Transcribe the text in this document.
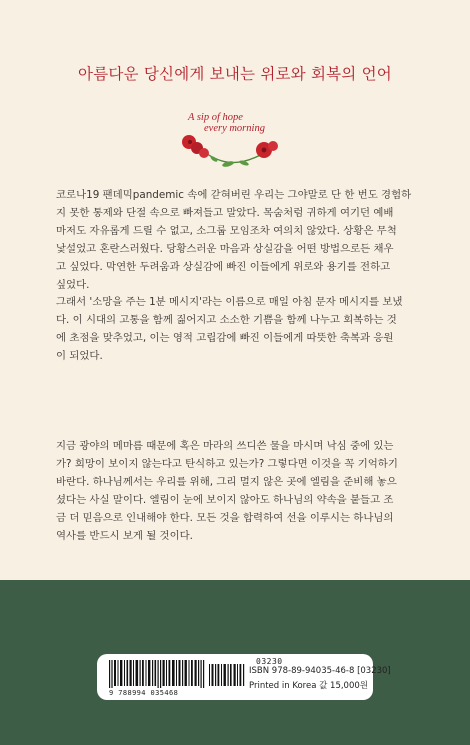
아름다운 당신에게 보내는 위로와 회복의 언어
A sip of hope
every morning
코로나19 팬데믹pandemic 속에 갇혀버린 우리는 그야말로 단 한 번도 경험하
지 못한 통제와 단절 속으로 빠져들고 말았다. 목숨처럼 귀하게 여기던 예배
마저도 자유롭게 드릴 수 없고, 소그룹 모임조차 여의치 않았다. 상황은 무척
낯설었고 혼란스러웠다. 당황스러운 마음과 상실감을 어떤 방법으로든 채우
고 싶었다. 막연한 두려움과 상실감에 빠진 이들에게 위로와 용기를 전하고
싶었다.
그래서 '소망을 주는 1분 메시지'라는 이름으로 매일 아침 문자 메시지를 보냈
다. 이 시대의 고통을 함께 짊어지고 소소한 기쁨을 함께 나누고 회복하는 것
에 초점을 맞추었고, 이는 영적 고립감에 빠진 이들에게 따뜻한 축복과 응원
이 되었다.
지금 광야의 메마름 때문에 혹은 마라의 쓰디쓴 물을 마시며 낙심 중에 있는
가? 희망이 보이지 않는다고 탄식하고 있는가? 그렇다면 이것을 꼭 기억하기
바란다. 하나님께서는 우리를 위해, 그리 멀지 않은 곳에 엘림을 준비해 놓으
셨다는 사실 말이다. 엘림이 눈에 보이지 않아도 하나님의 약속을 붙들고 조
금 더 믿음으로 인내해야 한다. 모든 것을 합력하여 선을 이루시는 하나님의
역사를 반드시 보게 될 것이다.
03230
9 788994 035468
ISBN 978-89-94035-46-8 [03230]
Printed in Korea 값 15,000원
